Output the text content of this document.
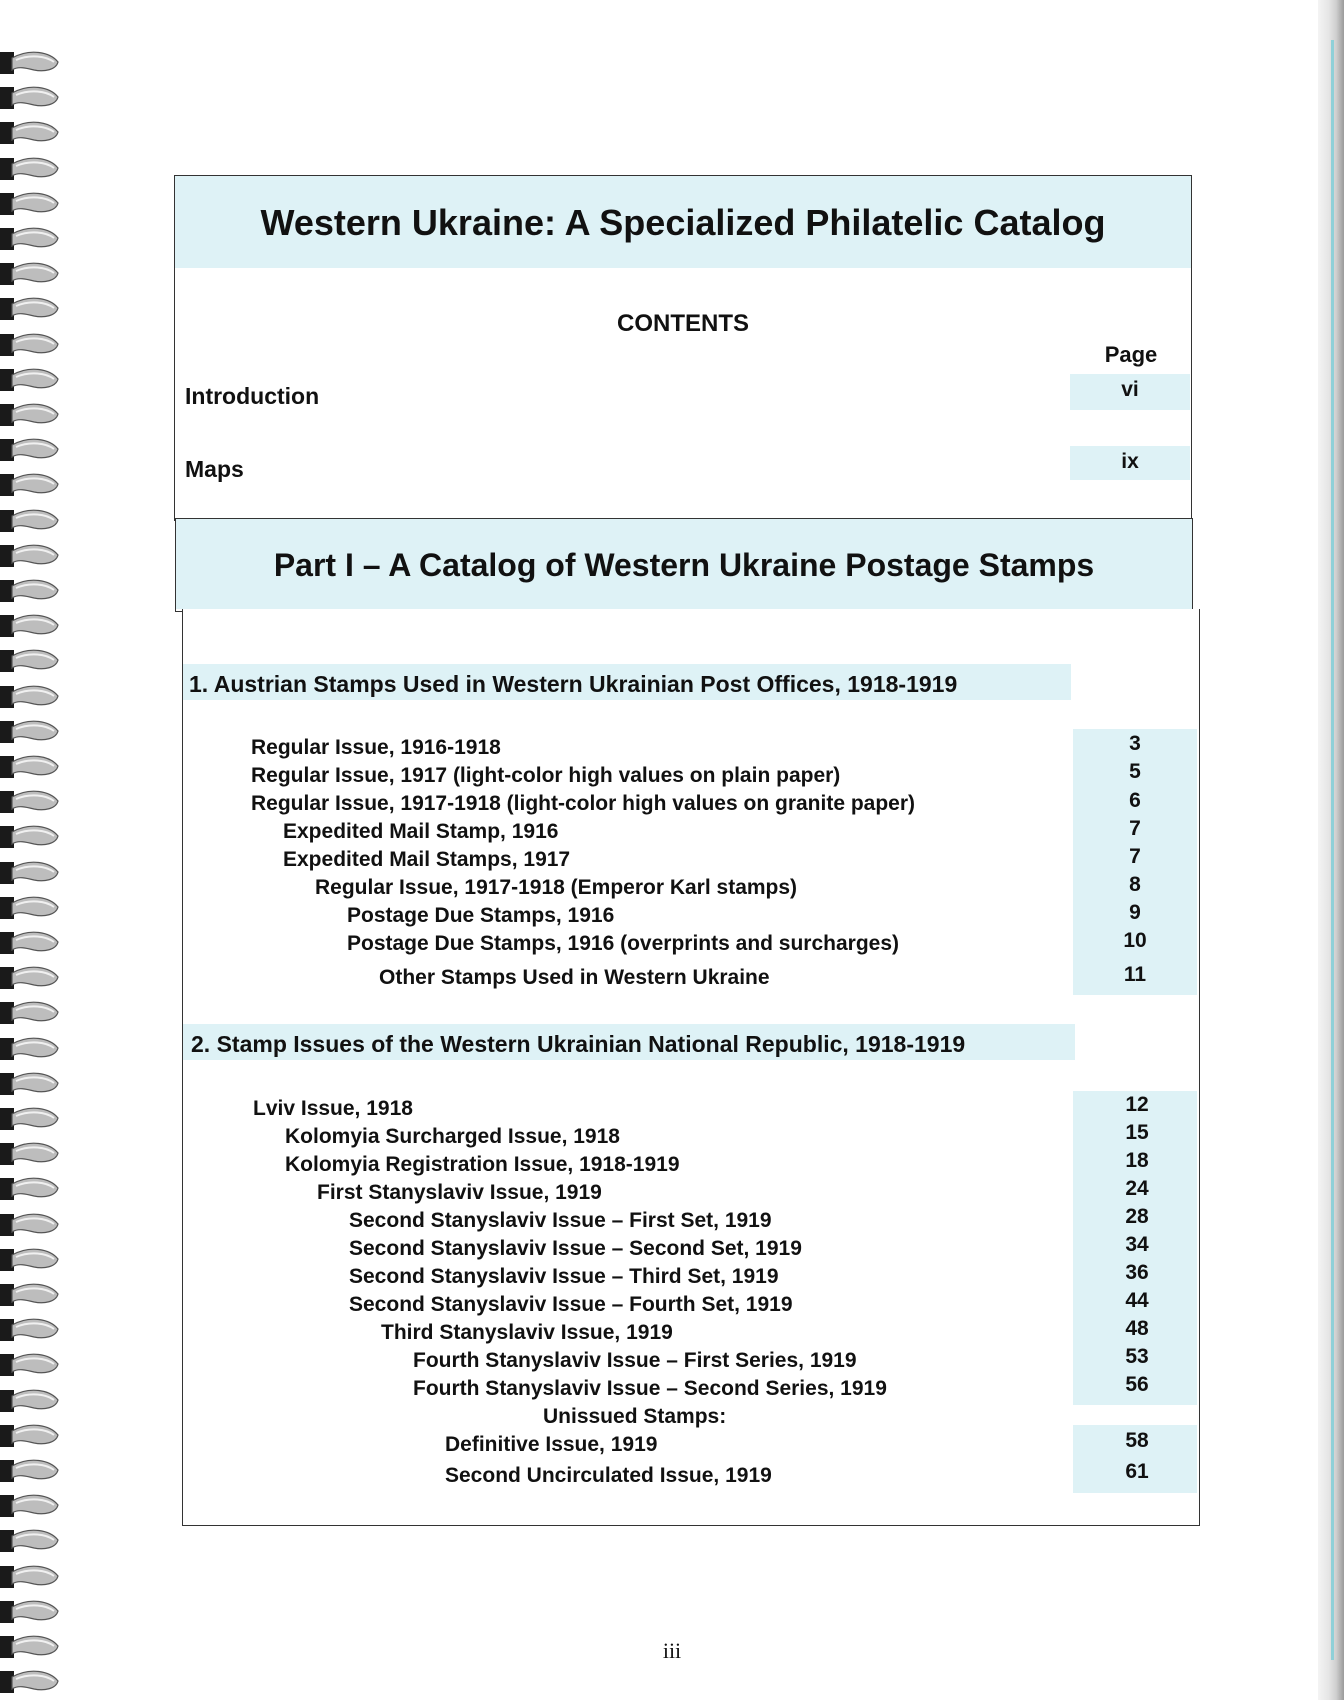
Western Ukraine: A Specialized Philatelic Catalog
CONTENTS
Page
Introduction	vi
Maps	ix
Part I – A Catalog of Western Ukraine Postage Stamps
1. Austrian Stamps Used in Western Ukrainian Post Offices, 1918-1919
Regular Issue, 1916-1918	3
Regular Issue, 1917 (light-color high values on plain paper)	5
Regular Issue, 1917-1918 (light-color high values on granite paper)	6
Expedited Mail Stamp, 1916	7
Expedited Mail Stamps, 1917	7
Regular Issue, 1917-1918 (Emperor Karl stamps)	8
Postage Due Stamps, 1916	9
Postage Due Stamps, 1916 (overprints and surcharges)	10
Other Stamps Used in Western Ukraine	11
2. Stamp Issues of the Western Ukrainian National Republic, 1918-1919
Lviv Issue, 1918	12
Kolomyia Surcharged Issue, 1918	15
Kolomyia Registration Issue, 1918-1919	18
First Stanyslaviv Issue, 1919	24
Second Stanyslaviv Issue – First Set, 1919	28
Second Stanyslaviv Issue – Second Set, 1919	34
Second Stanyslaviv Issue – Third Set, 1919	36
Second Stanyslaviv Issue – Fourth Set, 1919	44
Third Stanyslaviv Issue, 1919	48
Fourth Stanyslaviv Issue – First Series, 1919	53
Fourth Stanyslaviv Issue – Second Series, 1919	56
Unissued Stamps:
Definitive Issue, 1919	58
Second Uncirculated Issue, 1919	61
iii
